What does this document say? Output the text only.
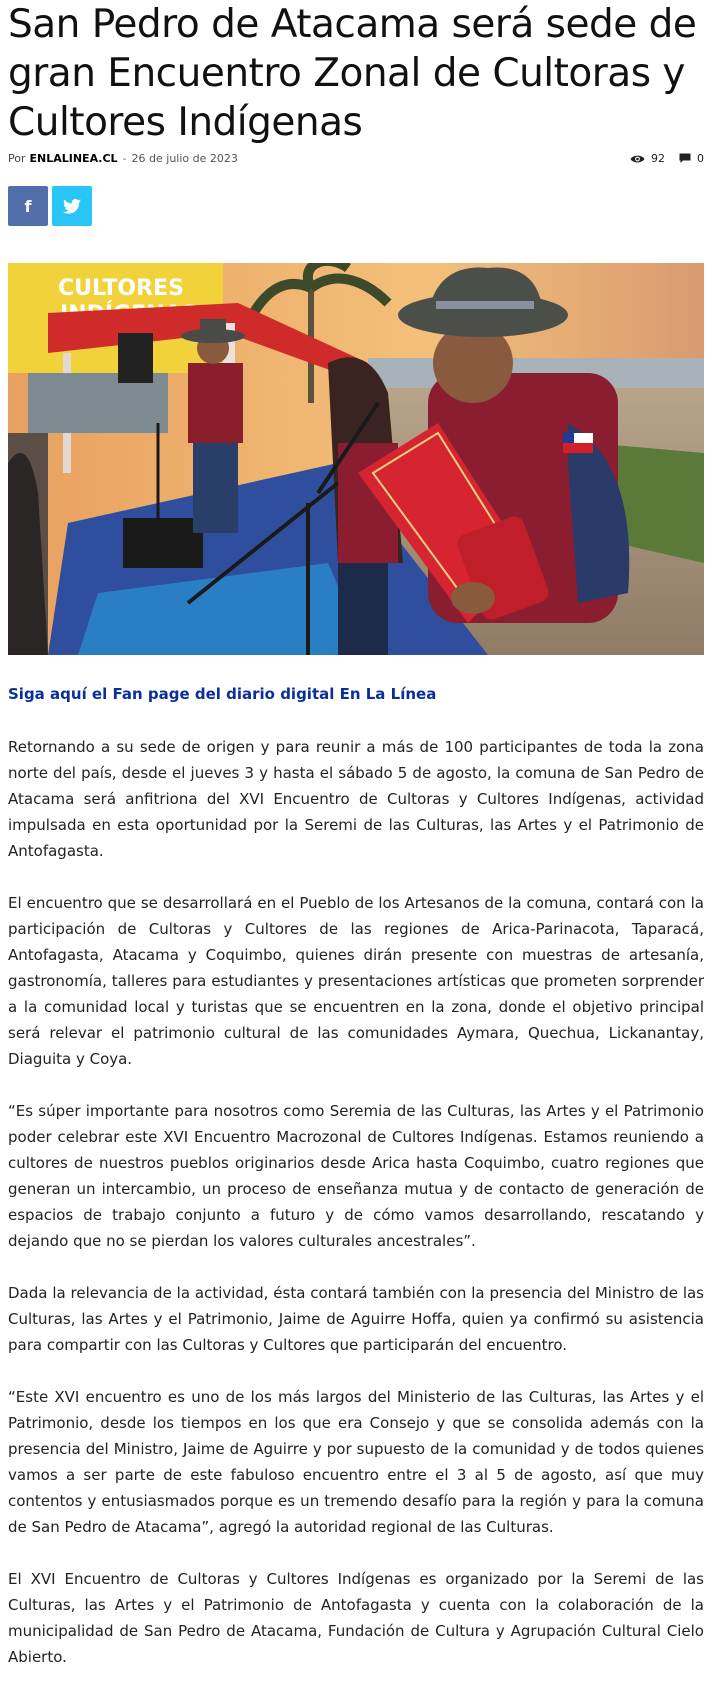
San Pedro de Atacama será sede de gran Encuentro Zonal de Cultoras y Cultores Indígenas
Por ENLALINEA.CL - 26 de julio de 2023	92	0
f
CULTORES
Siga aquí el Fan page del diario digital En La Línea

Retornando a su sede de origen y para reunir a más de 100 participantes de toda la zona norte del país, desde el jueves 3 y hasta el sábado 5 de agosto, la comuna de San Pedro de Atacama será anfitriona del XVI Encuentro de Cultoras y Cultores Indígenas, actividad impulsada en esta oportunidad por la Seremi de las Culturas, las Artes y el Patrimonio de Antofagasta.

El encuentro que se desarrollará en el Pueblo de los Artesanos de la comuna, contará con la participación de Cultoras y Cultores de las regiones de Arica-Parinacota, Taparacá, Antofagasta, Atacama y Coquimbo, quienes dirán presente con muestras de artesanía, gastronomía, talleres para estudiantes y presentaciones artísticas que prometen sorprender a la comunidad local y turistas que se encuentren en la zona, donde el objetivo principal será relevar el patrimonio cultural de las comunidades Aymara, Quechua, Lickanantay, Diaguita y Coya.

“Es súper importante para nosotros como Seremia de las Culturas, las Artes y el Patrimonio poder celebrar este XVI Encuentro Macrozonal de Cultores Indígenas. Estamos reuniendo a cultores de nuestros pueblos originarios desde Arica hasta Coquimbo, cuatro regiones que generan un intercambio, un proceso de enseñanza mutua y de contacto de generación de espacios de trabajo conjunto a futuro y de cómo vamos desarrollando, rescatando y dejando que no se pierdan los valores culturales ancestrales”.

Dada la relevancia de la actividad, ésta contará también con la presencia del Ministro de las Culturas, las Artes y el Patrimonio, Jaime de Aguirre Hoffa, quien ya confirmó su asistencia para compartir con las Cultoras y Cultores que participarán del encuentro.

“Este XVI encuentro es uno de los más largos del Ministerio de las Culturas, las Artes y el Patrimonio, desde los tiempos en los que era Consejo y que se consolida además con la presencia del Ministro, Jaime de Aguirre y por supuesto de la comunidad y de todos quienes vamos a ser parte de este fabuloso encuentro entre el 3 al 5 de agosto, así que muy contentos y entusiasmados porque es un tremendo desafío para la región y para la comuna de San Pedro de Atacama”, agregó la autoridad regional de las Culturas.

El XVI Encuentro de Cultoras y Cultores Indígenas es organizado por la Seremi de las Culturas, las Artes y el Patrimonio de Antofagasta y cuenta con la colaboración de la municipalidad de San Pedro de Atacama, Fundación de Cultura y Agrupación Cultural Cielo Abierto.
